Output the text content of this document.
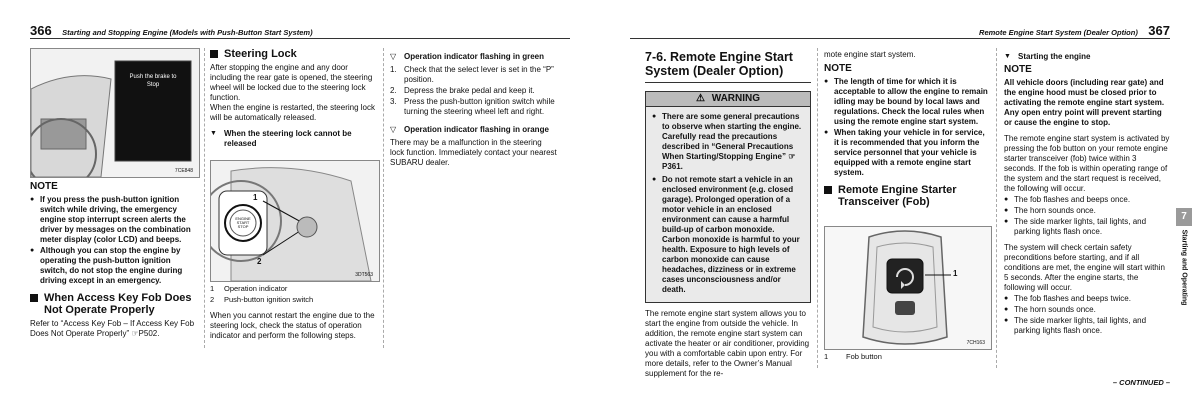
366 Starting and Stopping Engine (Models with Push-Button Start System)	Remote Engine Start System (Dealer Option) 367
Push the brake to Stop
7CE848
NOTE
● If you press the push-button ignition switch while driving, the emergency engine stop interrupt screen alerts the driver by messages on the combination meter display (color LCD) and beeps.
● Although you can stop the engine by operating the push-button ignition switch, do not stop the engine during driving except in an emergency.
When Access Key Fob Does Not Operate Properly

Refer to “Access Key Fob – If Access Key Fob Does Not Operate Properly” ☞P502.

Steering Lock

After stopping the engine and any door including the rear gate is opened, the steering wheel will be locked due to the steering lock function.

When the engine is restarted, the steering lock will be automatically released.

▼ When the steering lock cannot be released
1
2
ENGINE START STOP
3DT563
1 Operation indicator
2 Push-button ignition switch

When you cannot restart the engine due to the steering lock, check the status of operation indicator and perform the following steps.

▽ Operation indicator flashing in green
1. Check that the select lever is set in the “P” position.
2. Depress the brake pedal and keep it.
3. Press the push-button ignition switch while turning the steering wheel left and right.
▽ Operation indicator flashing in orange

There may be a malfunction in the steering lock function. Immediately contact your nearest SUBARU dealer.

7-6. Remote Engine Start
System (Dealer Option)
⚠ WARNING
● There are some general precautions to observe when starting the engine. Carefully read the precautions described in “General Precautions When Starting/Stopping Engine” ☞P361.
● Do not remote start a vehicle in an enclosed environment (e.g. closed garage). Prolonged operation of a motor vehicle in an enclosed environment can cause a harmful build-up of carbon monoxide. Carbon monoxide is harmful to your health. Exposure to high levels of carbon monoxide can cause headaches, dizziness or in extreme cases unconsciousness and/or death.

The remote engine start system allows you to start the engine from outside the vehicle. In addition, the remote engine start system can activate the heater or air conditioner, providing you with a comfortable cabin upon entry. For more details, refer to the Owner’s Manual supplement for the re-

mote engine start system.

NOTE
● The length of time for which it is acceptable to allow the engine to remain idling may be bound by local laws and regulations. Check the local rules when using the remote engine start system.
● When taking your vehicle in for service, it is recommended that you inform the service personnel that your vehicle is equipped with a remote engine start system.
Remote Engine Starter Transceiver (Fob)
1
7CH163
1 Fob button
▼ Starting the engine
NOTE

All vehicle doors (including rear gate) and the engine hood must be closed prior to activating the remote engine start system. Any open entry point will prevent starting or cause the engine to stop.

The remote engine start system is activated by pressing the fob button on your remote engine starter transceiver (fob) twice within 3 seconds. If the fob is within operating range of the system and the start request is received, the following will occur.

● The fob flashes and beeps once.
● The horn sounds once.
● The side marker lights, tail lights, and parking lights flash once.

The system will check certain safety preconditions before starting, and if all conditions are met, the engine will start within 5 seconds. After the engine starts, the following will occur.

● The fob flashes and beeps twice.
● The horn sounds once.
● The side marker lights, tail lights, and parking lights flash once.
– CONTINUED –
7
Starting and Operating
